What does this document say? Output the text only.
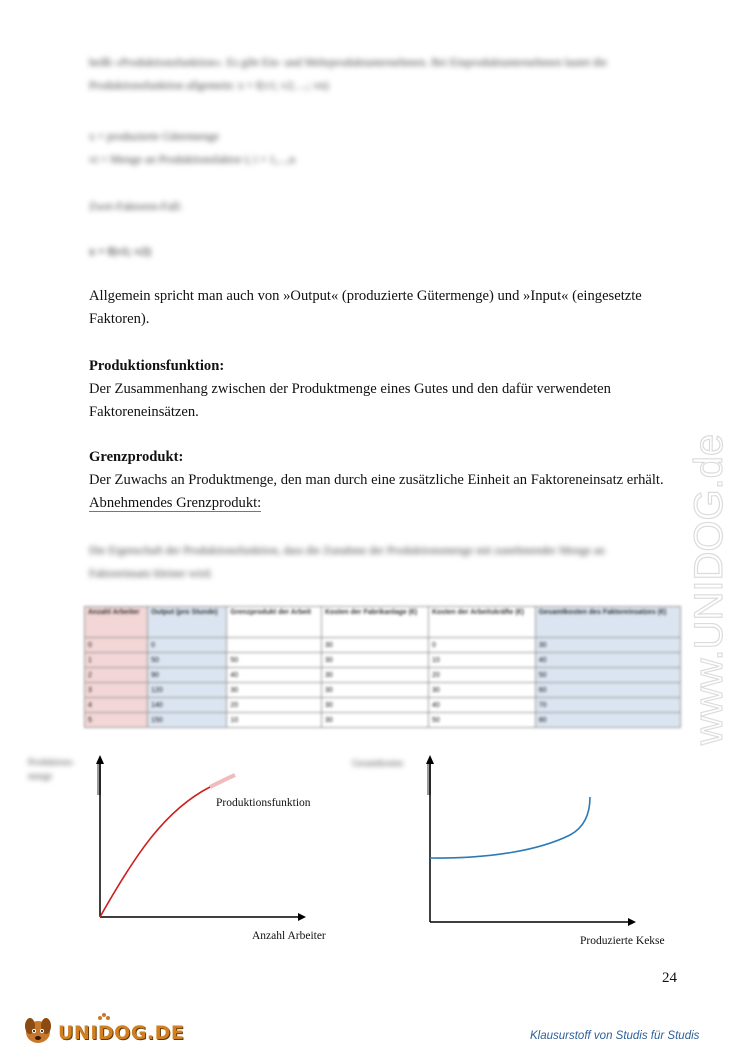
heißt »Produktionsfunktion«. Es gibt Ein- und Mehrproduktunternehmen. Bei Einproduktunternehmen lautet die Produktionsfunktion allgemein: x = f(v1; v2; ...; vn)
x = produzierte Gütermenge
vi = Menge an Produktionsfaktor i; i = 1,...,n
Zwei-Faktoren-Fall:
x = f(v1; v2)
Allgemein spricht man auch von »Output« (produzierte Gütermenge) und »Input« (eingesetzte Faktoren).
Produktionsfunktion:
Der Zusammenhang zwischen der Produktmenge eines Gutes und den dafür verwendeten Faktoreneinsätzen.
Grenzprodukt:
Der Zuwachs an Produktmenge, den man durch eine zusätzliche Einheit an Faktoreneinsatz erhält.
Abnehmendes Grenzprodukt:
Die Eigenschaft der Produktionsfunktion, dass die Zunahme der Produktionsmenge mit zunehmender Menge an Faktoreinsatz kleiner wird.
Anzahl Arbeiter	Output (pro Stunde)	Grenzprodukt der Arbeit	Kosten der Fabrikanlage (€)	Kosten der Arbeitskräfte (€)	Gesamtkosten des Faktoreinsatzes (€)
0	0		30	0	30
1	50	50	30	10	40
2	90	40	30	20	50
3	120	30	30	30	60
4	140	20	30	40	70
5	150	10	30	50	80	www.UNIDOG.de
Produktions-menge
Produktionsfunktion
Anzahl Arbeiter
Gesamtkosten
Produzierte Kekse
24
UNIDOG.DE	Klausurstoff von Studis für Studis
